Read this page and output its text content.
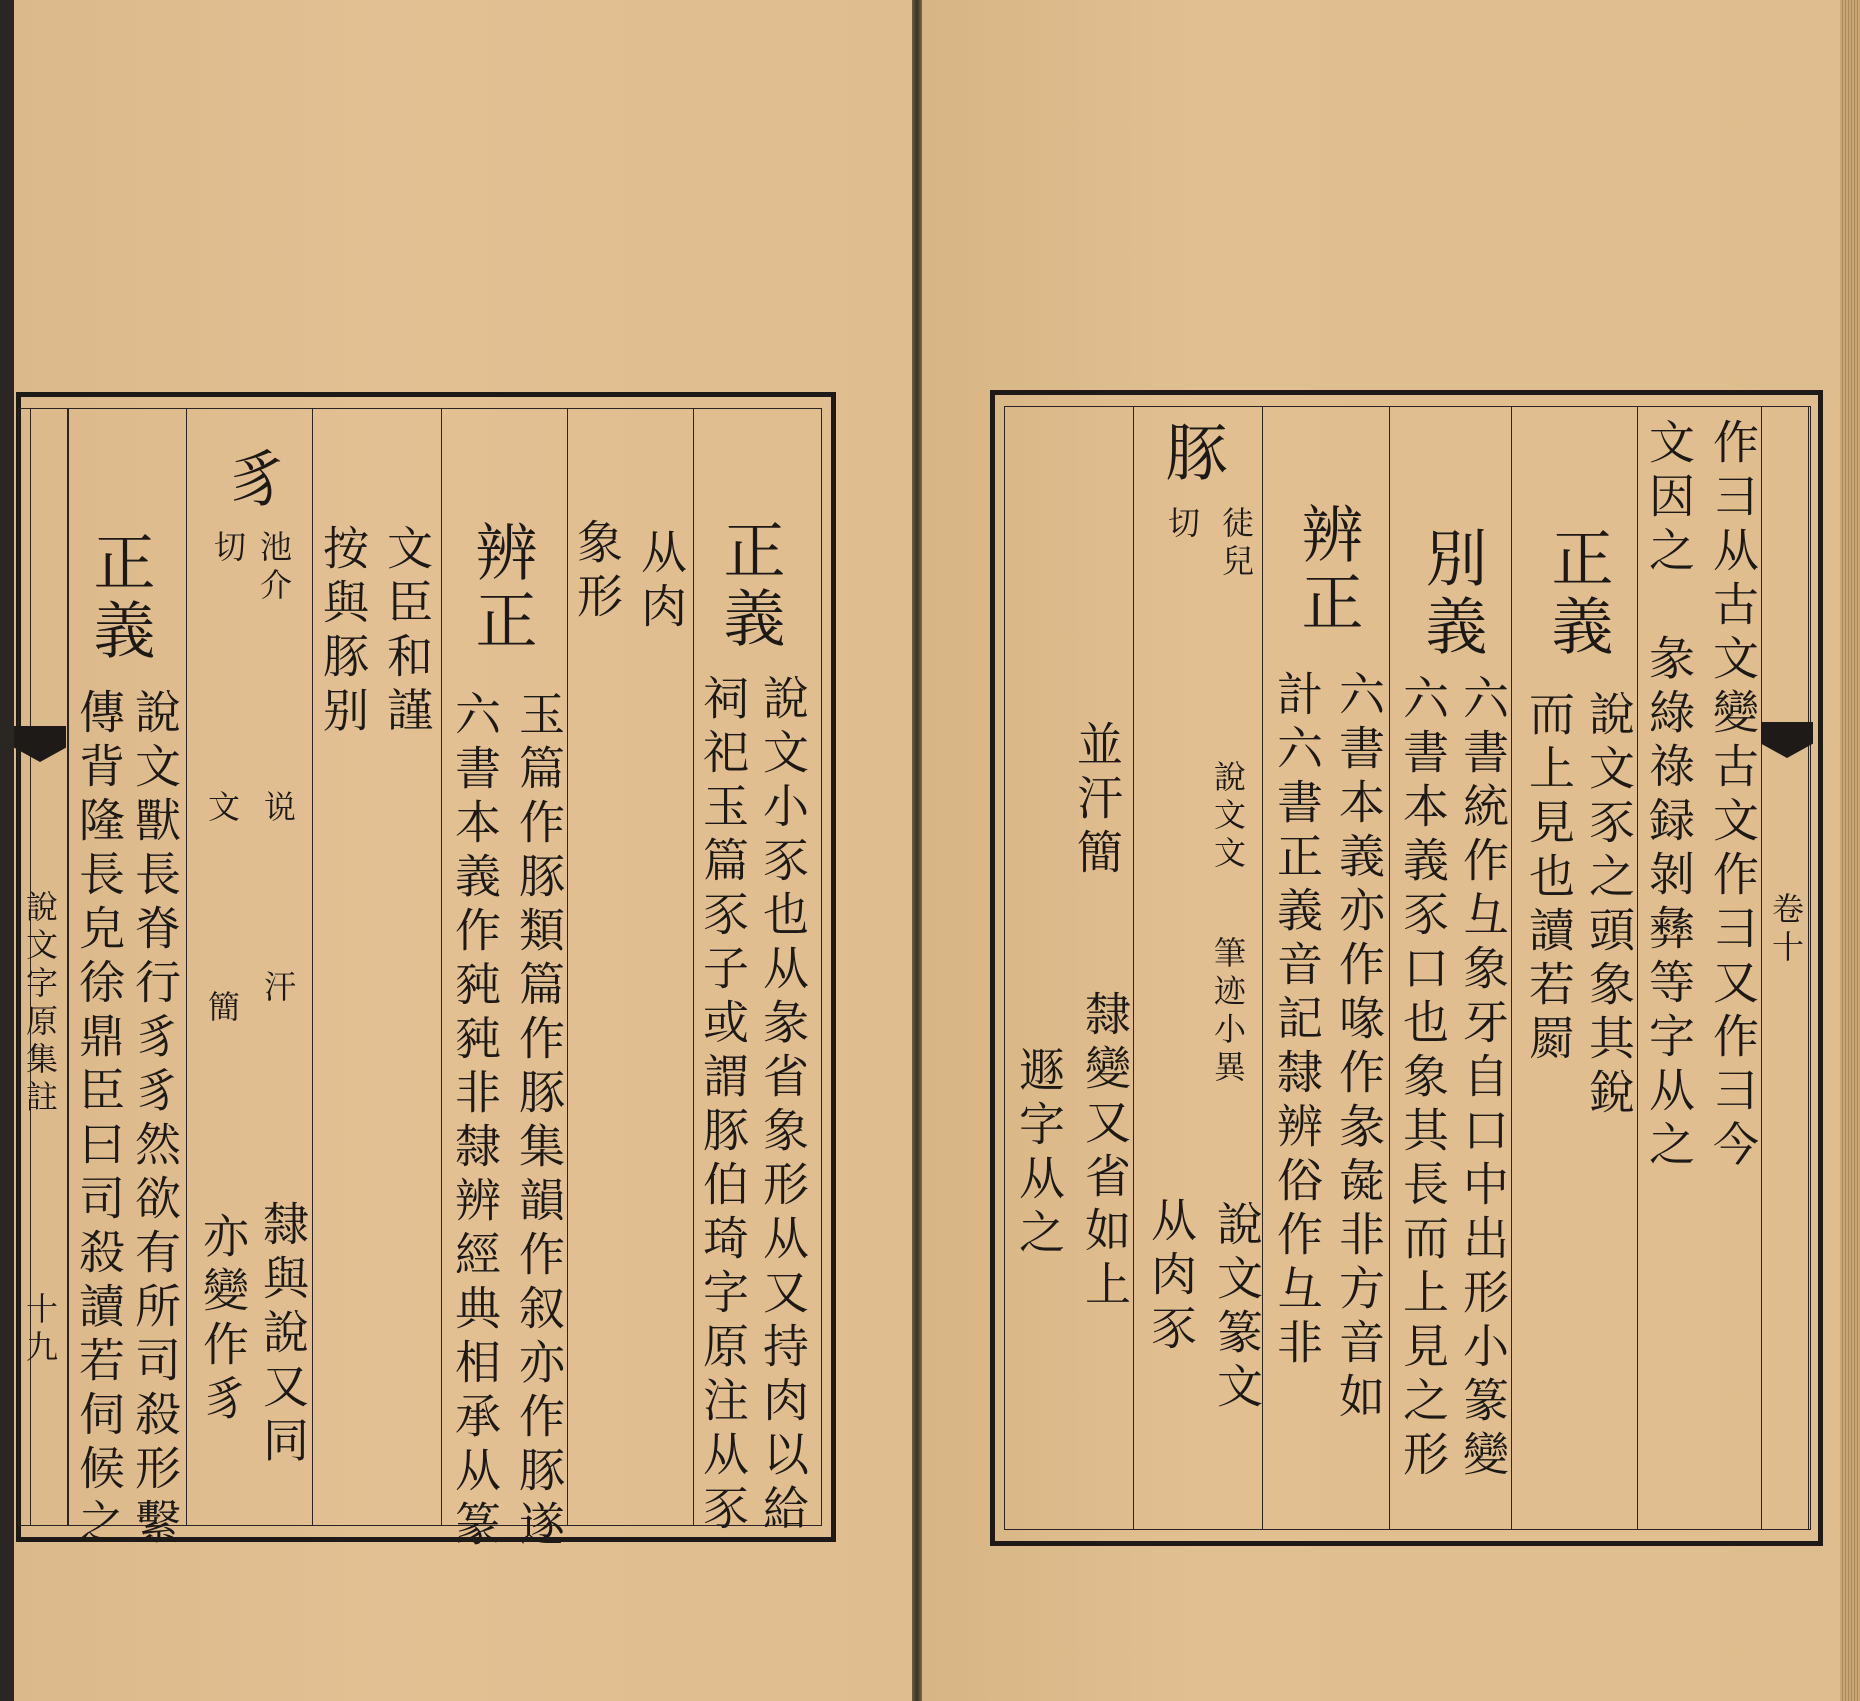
說文字原集註
十九
正義
說文小豕也从彖省象形从又持肉以給
祠祀玉篇豕子或謂豚伯琦字原注从豕
从肉
象形
辨正
玉篇作豚類篇作豚集韻作叙亦作豚遂
六書本義作豘豘非隸辨經典相承从篆
文臣和謹
按與豚别
豸
池介
切
说
文
汗
簡
隸與說又同
亦變作豸
正義
說文獸長脊行豸豸然欲有所司殺形繫
傳背隆長皃徐鼎臣曰司殺讀若伺候之	卷十
作彐从古文變古文作彐又作彐今
文因之　彖綠祿録剝彝等字从之
正義
說文豕之頭象其銳
而上見也讀若罽
別義
六書統作彑象牙自口中出形小篆變
六書本義豕口也象其長而上見之形
辨正
六書本義亦作喙作彖彘非方音如
計六書正義音記隸辨俗作彑非
豚
徒兒
切
說文文
筆迹小異
隸變又省如上 說文篆文
从肉豕
並汗簡
遯字从之
